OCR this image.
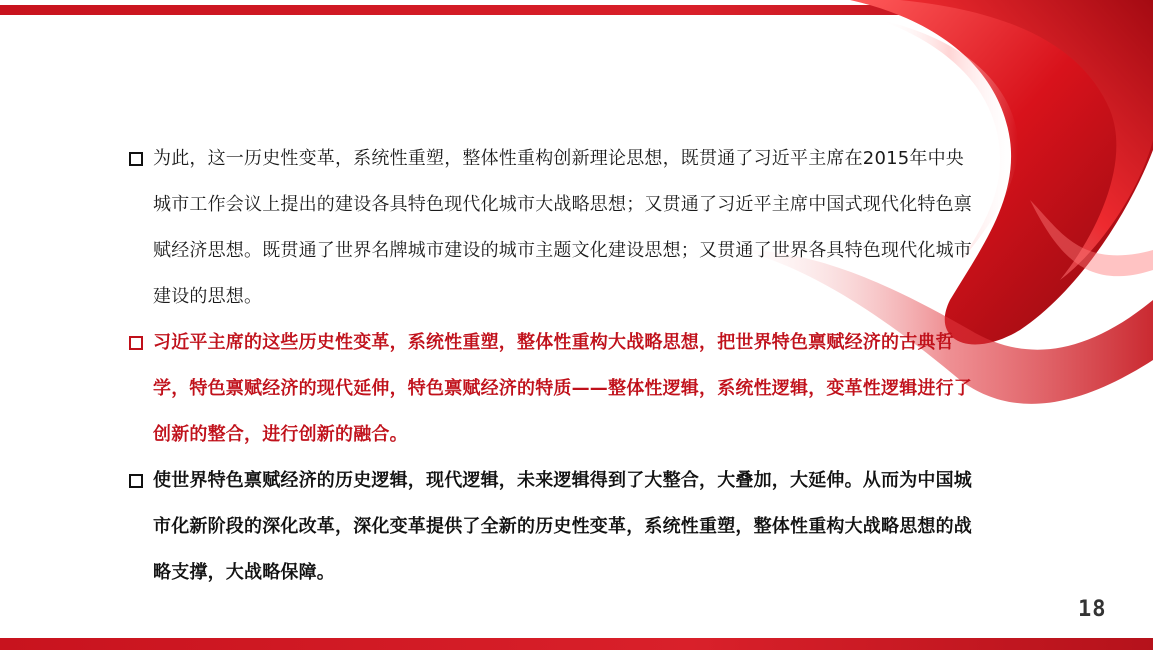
为此，这一历史性变革，系统性重塑，整体性重构创新理论思想，既贯通了习近平主席在2015年中央城市工作会议上提出的建设各具特色现代化城市大战略思想；又贯通了习近平主席中国式现代化特色禀赋经济思想。既贯通了世界名牌城市建设的城市主题文化建设思想；又贯通了世界各具特色现代化城市建设的思想。
习近平主席的这些历史性变革，系统性重塑，整体性重构大战略思想，把世界特色禀赋经济的古典哲学，特色禀赋经济的现代延伸，特色禀赋经济的特质——整体性逻辑，系统性逻辑，变革性逻辑进行了创新的整合，进行创新的融合。
使世界特色禀赋经济的历史逻辑，现代逻辑，未来逻辑得到了大整合，大叠加，大延伸。从而为中国城市化新阶段的深化改革，深化变革提供了全新的历史性变革，系统性重塑，整体性重构大战略思想的战略支撑，大战略保障。
18
